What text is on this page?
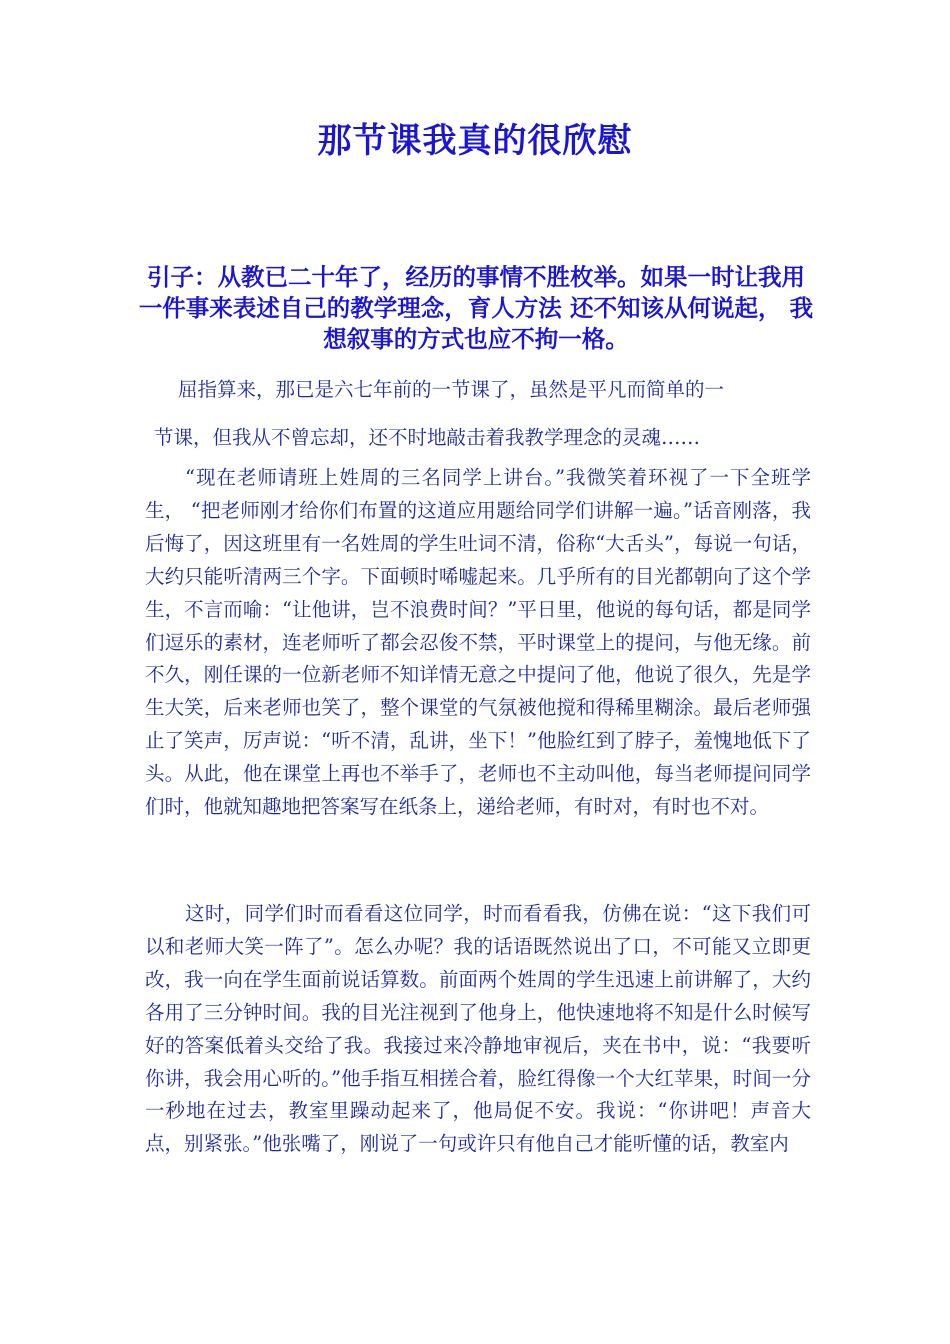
那节课我真的很欣慰

引子：从教已二十年了，经历的事情不胜枚举。如果一时让我用一件事来表述自己的教学理念，育人方法 还不知该从何说起， 我想叙事的方式也应不拘一格。

屈指算来，那已是六七年前的一节课了，虽然是平凡而简单的一
节课，但我从不曾忘却，还不时地敲击着我教学理念的灵魂‥‥‥

“现在老师请班上姓周的三名同学上讲台。”我微笑着环视了一下全班学生， “把老师刚才给你们布置的这道应用题给同学们讲解一遍。”话音刚落，我后悔了，因这班里有一名姓周的学生吐词不清，俗称“大舌头”，每说一句话，大约只能听清两三个字。下面顿时唏嘘起来。几乎所有的目光都朝向了这个学生，不言而喻：“让他讲，岂不浪费时间？”平日里，他说的每句话，都是同学们逗乐的素材，连老师听了都会忍俊不禁，平时课堂上的提问，与他无缘。前不久，刚任课的一位新老师不知详情无意之中提问了他，他说了很久，先是学生大笑，后来老师也笑了，整个课堂的气氛被他搅和得稀里糊涂。最后老师强止了笑声，厉声说：“听不清，乱讲，坐下！”他脸红到了脖子，羞愧地低下了头。从此，他在课堂上再也不举手了，老师也不主动叫他，每当老师提问同学们时，他就知趣地把答案写在纸条上，递给老师，有时对，有时也不对。

这时，同学们时而看看这位同学，时而看看我，仿佛在说：“这下我们可以和老师大笑一阵了”。怎么办呢？我的话语既然说出了口，不可能又立即更改，我一向在学生面前说话算数。前面两个姓周的学生迅速上前讲解了，大约各用了三分钟时间。我的目光注视到了他身上，他快速地将不知是什么时候写好的答案低着头交给了我。我接过来冷静地审视后，夹在书中，说：“我要听你讲，我会用心听的。”他手指互相搓合着，脸红得像一个大红苹果，时间一分一秒地在过去，教室里躁动起来了，他局促不安。我说：“你讲吧！声音大点，别紧张。”他张嘴了，刚说了一句或许只有他自己才能听懂的话，教室内
